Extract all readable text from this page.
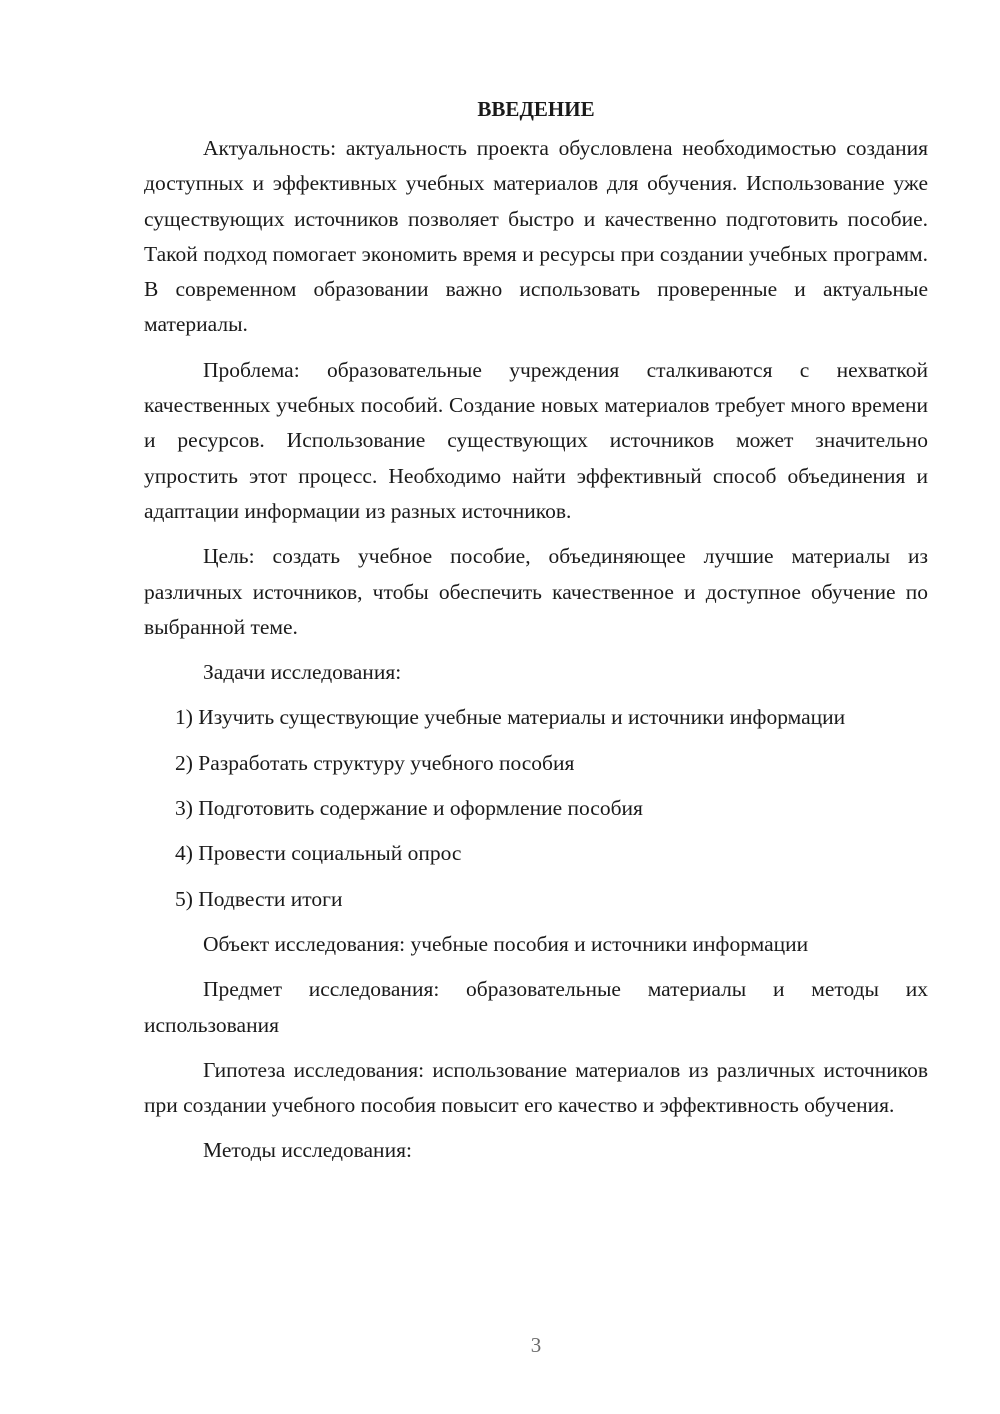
ВВЕДЕНИЕ

Актуальность: актуальность проекта обусловлена необходимостью создания доступных и эффективных учебных материалов для обучения. Использование уже существующих источников позволяет быстро и качественно подготовить пособие. Такой подход помогает экономить время и ресурсы при создании учебных программ. В современном образовании важно использовать проверенные и актуальные материалы.

Проблема: образовательные учреждения сталкиваются с нехваткой качественных учебных пособий. Создание новых материалов требует много времени и ресурсов. Использование существующих источников может значительно упростить этот процесс. Необходимо найти эффективный способ объединения и адаптации информации из разных источников.

Цель: создать учебное пособие, объединяющее лучшие материалы из различных источников, чтобы обеспечить качественное и доступное обучение по выбранной теме.

Задачи исследования:

1) Изучить существующие учебные материалы и источники информации

2) Разработать структуру учебного пособия

3) Подготовить содержание и оформление пособия

4) Провести социальный опрос

5) Подвести итоги

Объект исследования: учебные пособия и источники информации

Предмет исследования: образовательные материалы и методы их использования

Гипотеза исследования: использование материалов из различных источников при создании учебного пособия повысит его качество и эффективность обучения.

Методы исследования:

3
